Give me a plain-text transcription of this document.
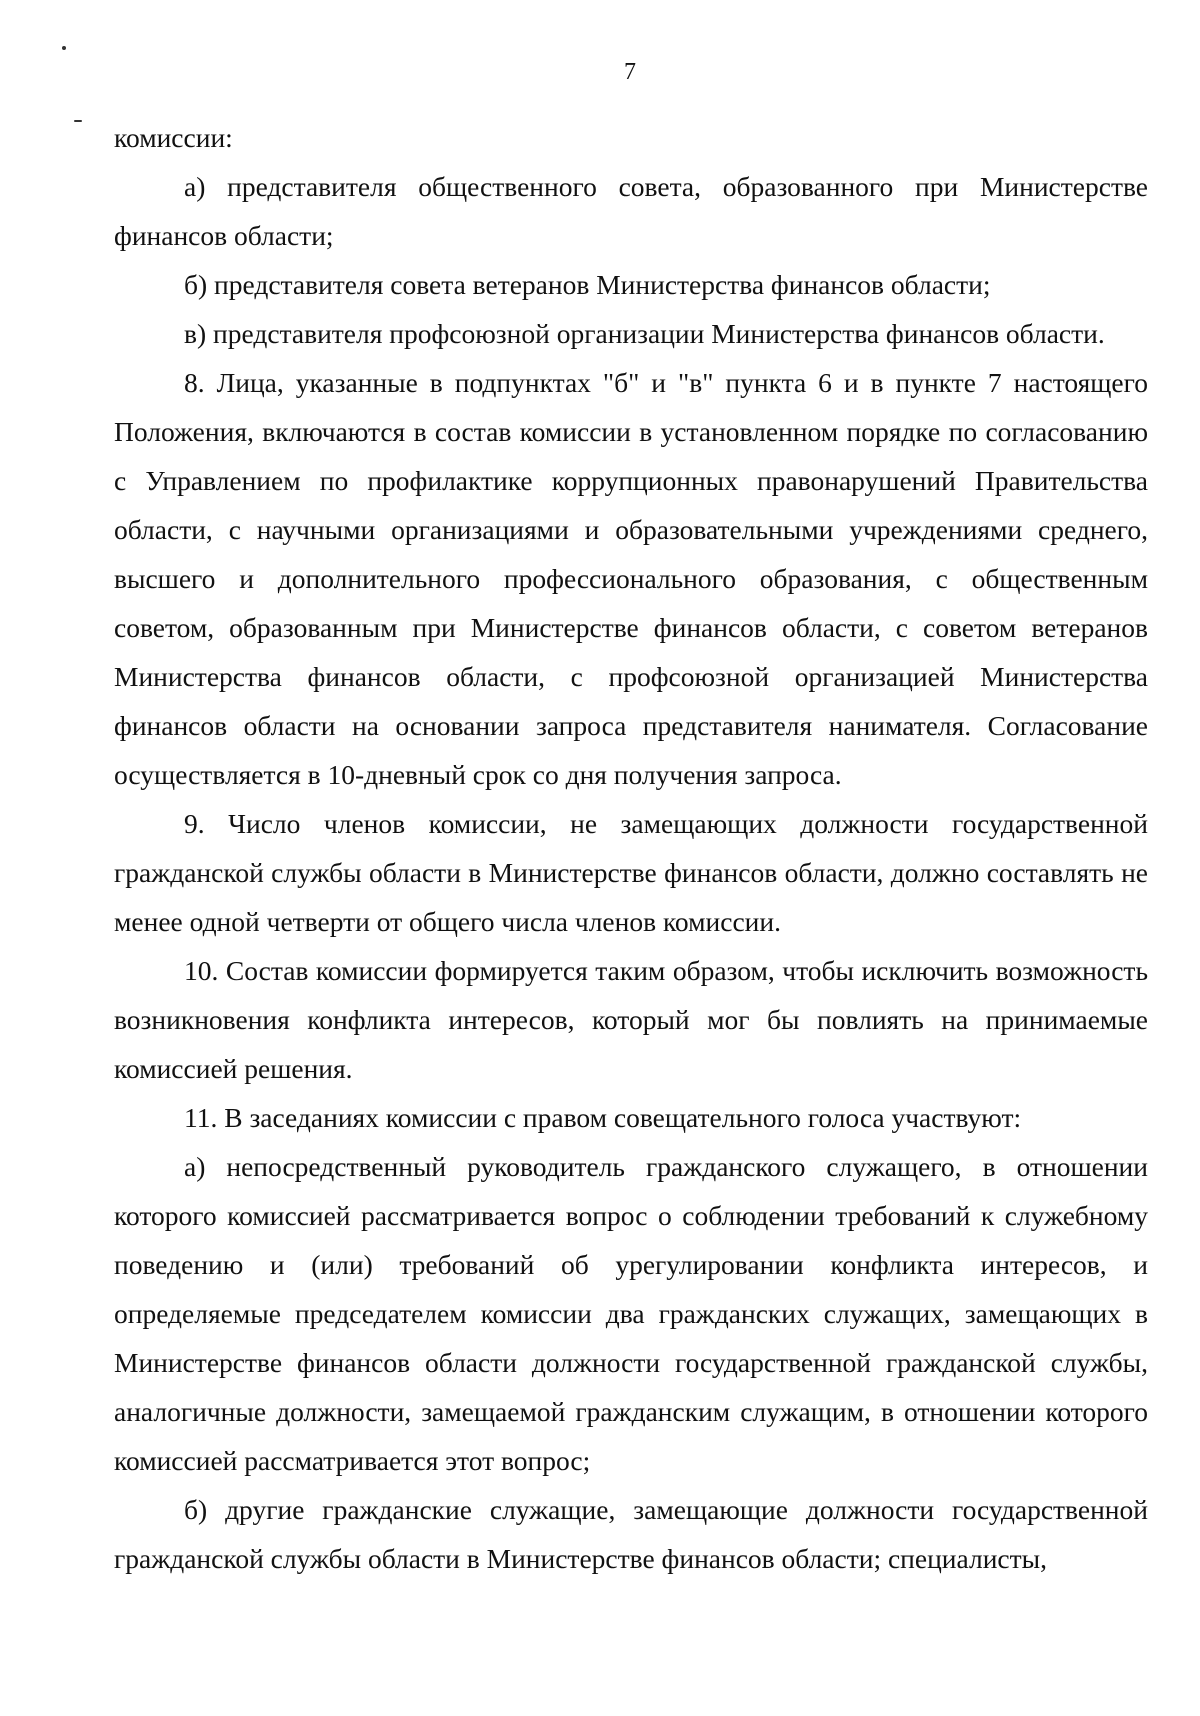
7

комиссии:

а) представителя общественного совета, образованного при Министерстве финансов области;

б) представителя совета ветеранов Министерства финансов области;

в) представителя профсоюзной организации Министерства финансов области.

8. Лица, указанные в подпунктах "б" и "в" пункта 6 и в пункте 7 настоящего Положения, включаются в состав комиссии в установленном порядке по согласованию с Управлением по профилактике коррупционных правонарушений Правительства области, с научными организациями и образовательными учреждениями среднего, высшего и дополнительного профессионального образования, с общественным советом, образованным при Министерстве финансов области, с советом ветеранов Министерства финансов области, с профсоюзной организацией Министерства финансов области на основании запроса представителя нанимателя. Согласование осуществляется в 10-дневный срок со дня получения запроса.

9. Число членов комиссии, не замещающих должности государственной гражданской службы области в Министерстве финансов области, должно составлять не менее одной четверти от общего числа членов комиссии.

10. Состав комиссии формируется таким образом, чтобы исключить возможность возникновения конфликта интересов, который мог бы повлиять на принимаемые комиссией решения.

11. В заседаниях комиссии с правом совещательного голоса участвуют:

а) непосредственный руководитель гражданского служащего, в отношении которого комиссией рассматривается вопрос о соблюдении требований к служебному поведению и (или) требований об урегулировании конфликта интересов, и определяемые председателем комиссии два гражданских служащих, замещающих в Министерстве финансов области должности государственной гражданской службы, аналогичные должности, замещаемой гражданским служащим, в отношении которого комиссией рассматривается этот вопрос;

б) другие гражданские служащие, замещающие должности государственной гражданской службы области в Министерстве финансов области; специалисты,
